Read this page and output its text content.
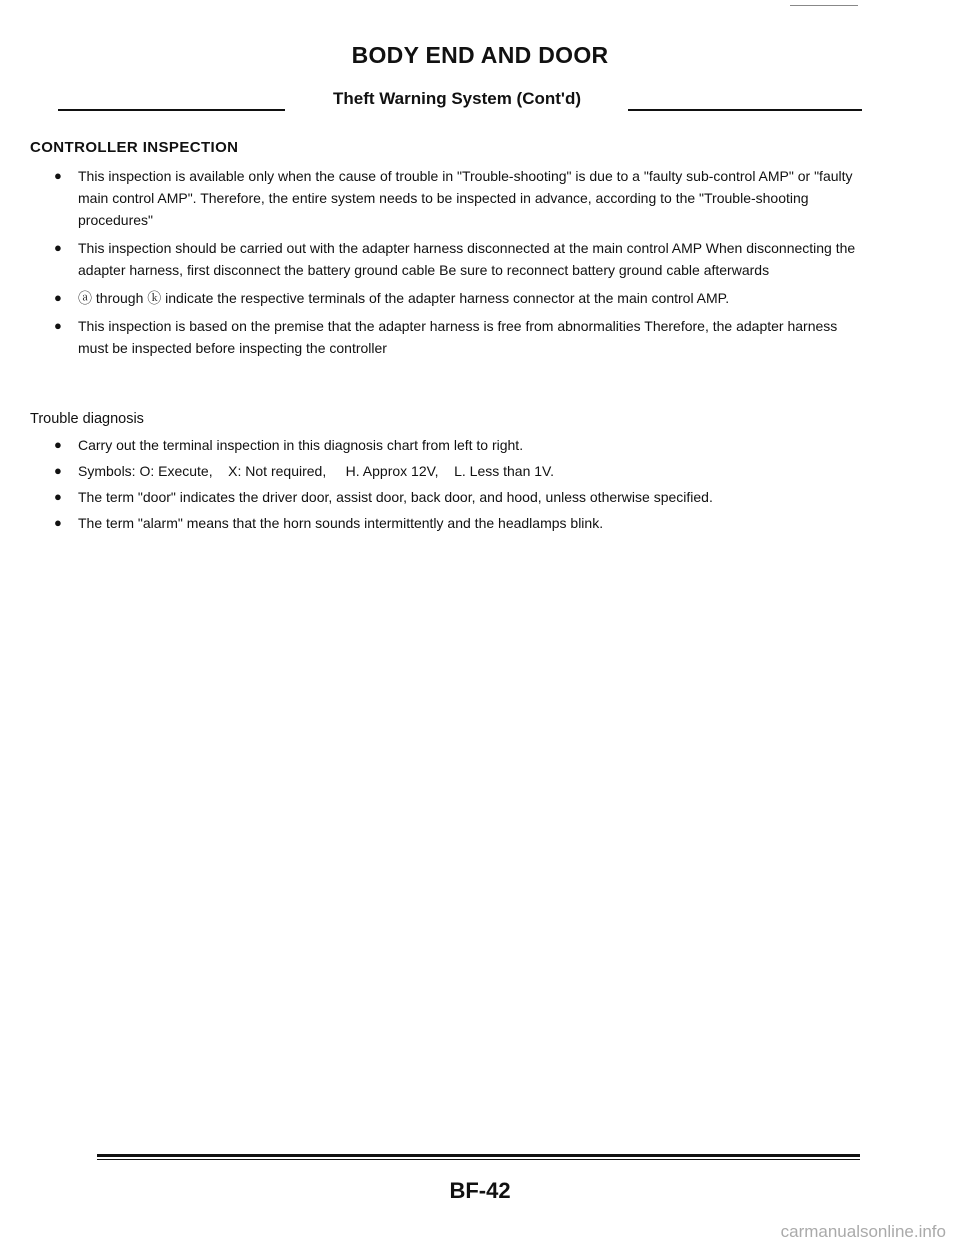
BODY END AND DOOR
Theft Warning System (Cont'd)
CONTROLLER INSPECTION
● This inspection is available only when the cause of trouble in "Trouble-shooting" is due to a "faulty sub-control AMP" or "faulty main control AMP". Therefore, the entire system needs to be inspected in advance, according to the "Trouble-shooting procedures"
● This inspection should be carried out with the adapter harness disconnected at the main control AMP When disconnecting the adapter harness, first disconnect the battery ground cable Be sure to reconnect battery ground cable afterwards
● ⓐ through ⓚ indicate the respective terminals of the adapter harness connector at the main control AMP.
● This inspection is based on the premise that the adapter harness is free from abnormalities Therefore, the adapter harness must be inspected before inspecting the controller
Trouble diagnosis
● Carry out the terminal inspection in this diagnosis chart from left to right.
● Symbols: O: Execute,    X: Not required,     H. Approx 12V,    L. Less than 1V.
● The term "door" indicates the driver door, assist door, back door, and hood, unless otherwise specified.
● The term "alarm" means that the horn sounds intermittently and the headlamps blink.
BF-42
carmanualsonline.info
